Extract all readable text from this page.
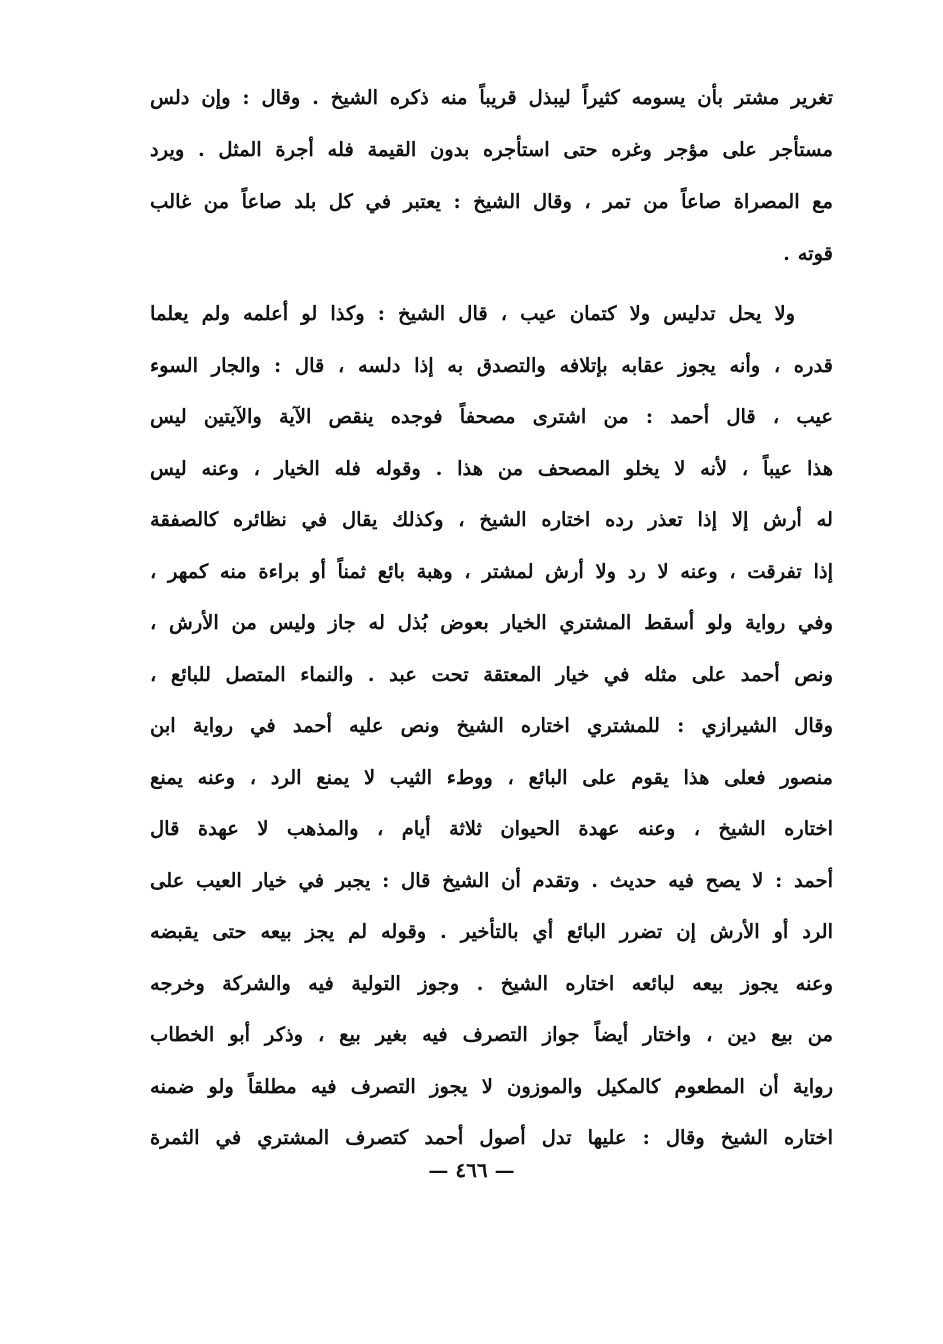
تغرير مشتر بأن يسومه كثيراً ليبذل قريباً منه ذكره الشيخ . وقال : وإن دلس
مستأجر على مؤجر وغره حتى استأجره بدون القيمة فله أجرة المثل . ويرد
مع المصراة صاعاً من تمر ، وقال الشيخ : يعتبر في كل بلد صاعاً من غالب
قوته .
ولا يحل تدليس ولا كتمان عيب ، قال الشيخ : وكذا لو أعلمه ولم يعلما
قدره ، وأنه يجوز عقابه بإتلافه والتصدق به إذا دلسه ، قال : والجار السوء
عيب ، قال أحمد : من اشترى مصحفاً فوجده ينقص الآية والآيتين ليس
هذا عيباً ، لأنه لا يخلو المصحف من هذا . وقوله فله الخيار ، وعنه ليس
له أرش إلا إذا تعذر رده اختاره الشيخ ، وكذلك يقال في نظائره كالصفقة
إذا تفرقت ، وعنه لا رد ولا أرش لمشتر ، وهبة بائع ثمناً أو براءة منه كمهر ،
وفي رواية ولو أسقط المشتري الخيار بعوض بُذل له جاز وليس من الأرش ،
ونص أحمد على مثله في خيار المعتقة تحت عبد . والنماء المتصل للبائع ،
وقال الشيرازي : للمشتري اختاره الشيخ ونص عليه أحمد في رواية ابن
منصور فعلى هذا يقوم على البائع ، ووطء الثيب لا يمنع الرد ، وعنه يمنع
اختاره الشيخ ، وعنه عهدة الحيوان ثلاثة أيام ، والمذهب لا عهدة قال
أحمد : لا يصح فيه حديث . وتقدم أن الشيخ قال : يجبر في خيار العيب على
الرد أو الأرش إن تضرر البائع أي بالتأخير . وقوله لم يجز بيعه حتى يقبضه
وعنه يجوز بيعه لبائعه اختاره الشيخ . وجوز التولية فيه والشركة وخرجه
من بيع دين ، واختار أيضاً جواز التصرف فيه بغير بيع ، وذكر أبو الخطاب
رواية أن المطعوم كالمكيل والموزون لا يجوز التصرف فيه مطلقاً ولو ضمنه
اختاره الشيخ وقال : عليها تدل أصول أحمد كتصرف المشتري في الثمرة
— ٤٦٦ —
